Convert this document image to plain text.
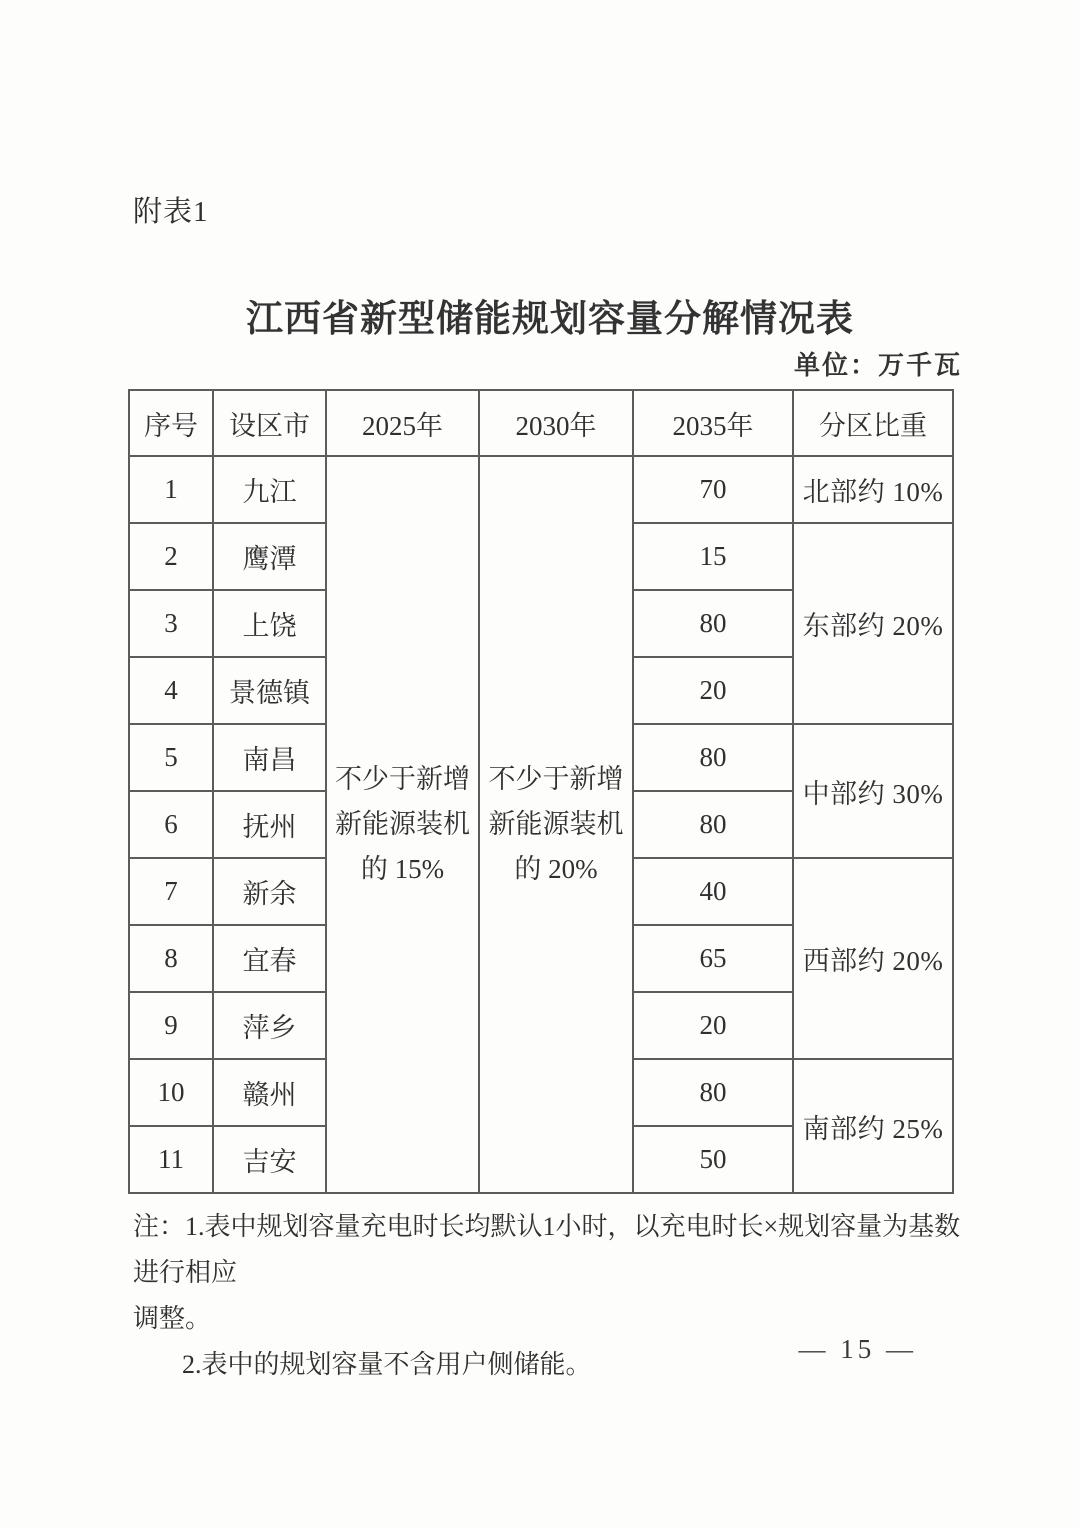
附表1
江西省新型储能规划容量分解情况表
单位：万千瓦
序号	设区市	2025年	2030年	2035年	分区比重
1	九江	不少于新增
新能源装机
的 15%	不少于新增
新能源装机
的 20%	70	北部约 10%
2	鹰潭			15	东部约 20%
3	上饶			80	
4	景德镇			20	
5	南昌			80	中部约 30%
6	抚州			80	
7	新余			40	西部约 20%
8	宜春			65	
9	萍乡			20	
10	赣州			80	南部约 25%
11	吉安			50	
注：1.表中规划容量充电时长均默认1小时，以充电时长×规划容量为基数进行相应
调整。
2.表中的规划容量不含用户侧储能。
— 15 —
